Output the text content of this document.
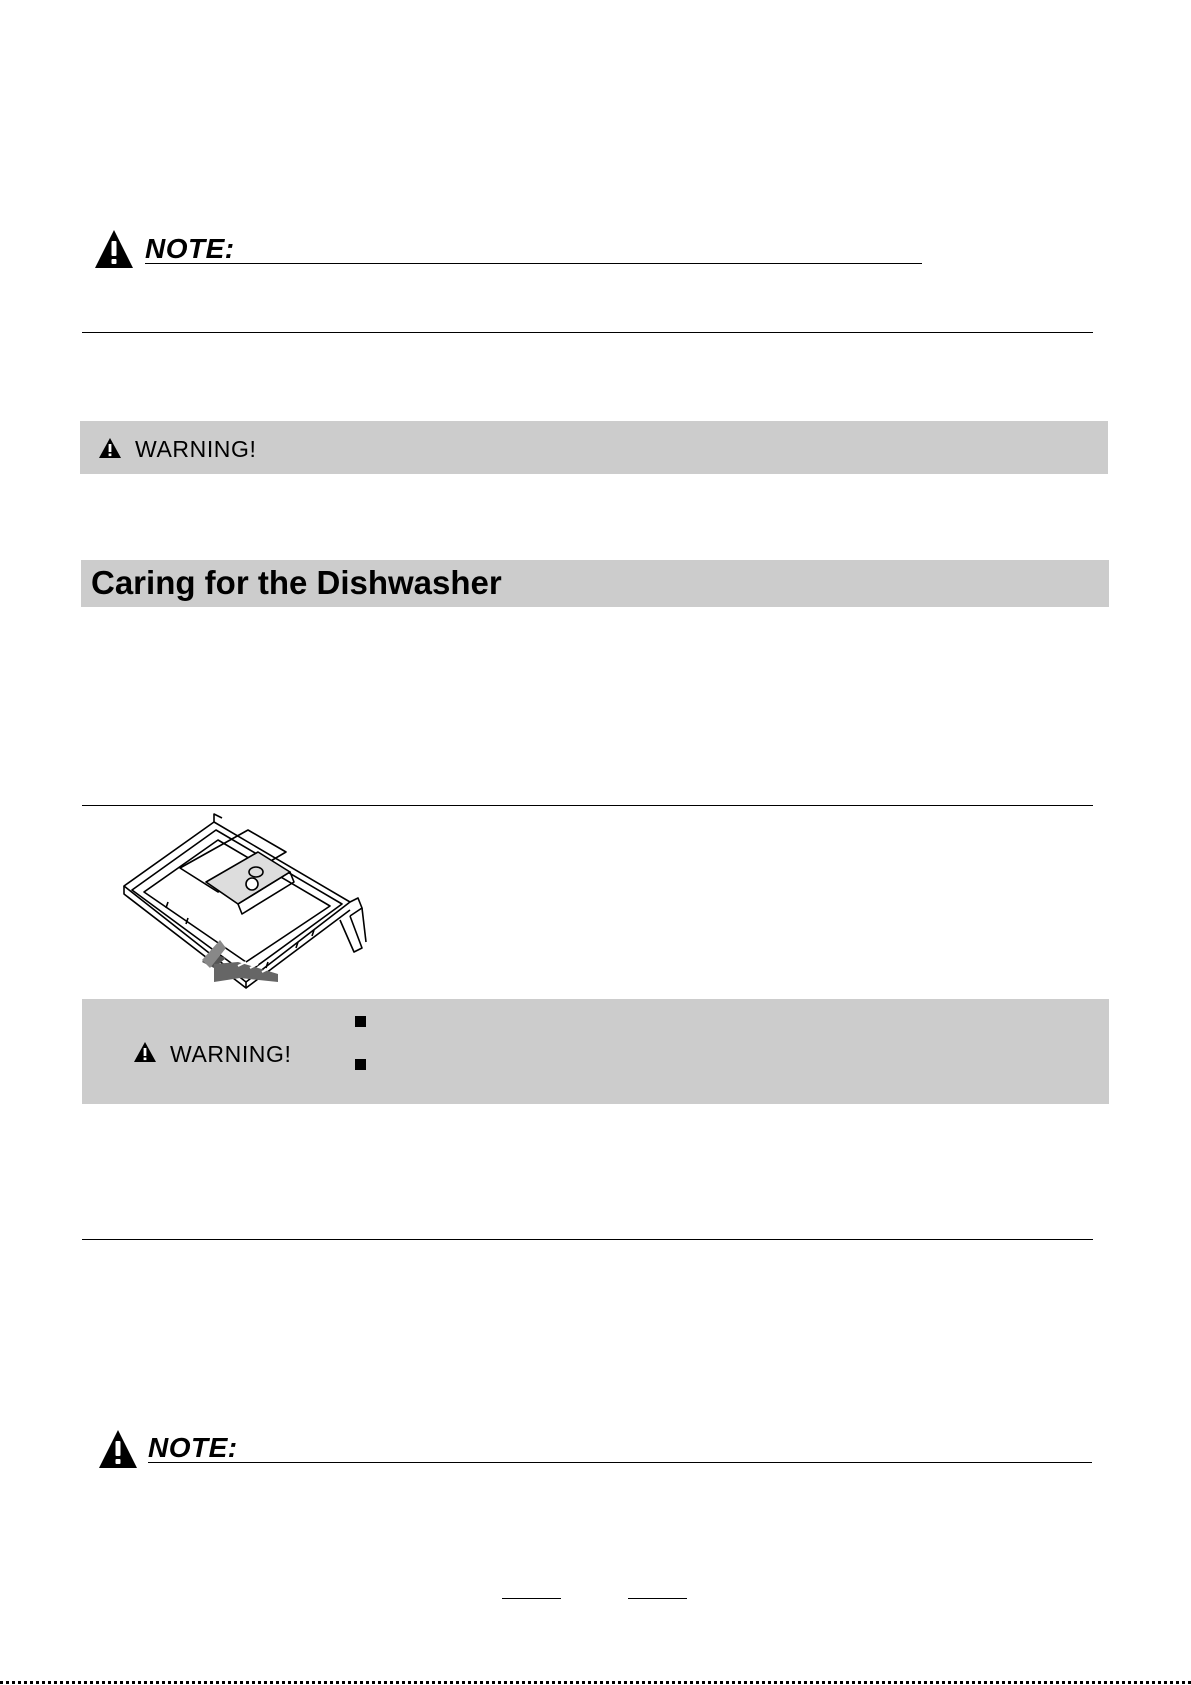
NOTE:
WARNING!
Caring for the Dishwasher
WARNING!
NOTE:
